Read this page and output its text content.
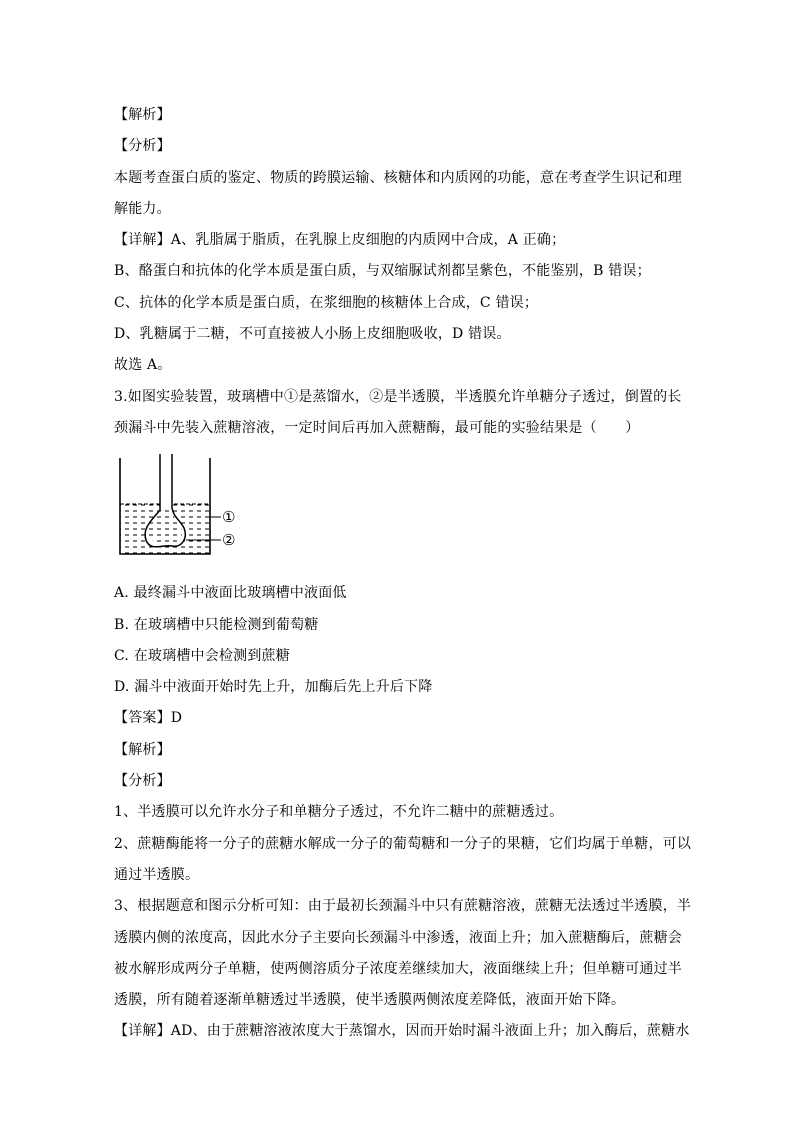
【解析】
【分析】
本题考查蛋白质的鉴定、物质的跨膜运输、核糖体和内质网的功能，意在考查学生识记和理
解能力。
【详解】A、乳脂属于脂质，在乳腺上皮细胞的内质网中合成，A 正确；
B、酪蛋白和抗体的化学本质是蛋白质，与双缩脲试剂都呈紫色，不能鉴别，B 错误；
C、抗体的化学本质是蛋白质，在浆细胞的核糖体上合成，C 错误；
D、乳糖属于二糖，不可直接被人小肠上皮细胞吸收，D 错误。
故选 A。
3.如图实验装置，玻璃槽中①是蒸馏水，②是半透膜，半透膜允许单糖分子透过，倒置的长
颈漏斗中先装入蔗糖溶液，一定时间后再加入蔗糖酶，最可能的实验结果是（　　）
①
②
A. 最终漏斗中液面比玻璃槽中液面低
B. 在玻璃槽中只能检测到葡萄糖
C. 在玻璃槽中会检测到蔗糖
D. 漏斗中液面开始时先上升，加酶后先上升后下降
【答案】D
【解析】
【分析】
1、半透膜可以允许水分子和单糖分子透过，不允许二糖中的蔗糖透过。
2、蔗糖酶能将一分子的蔗糖水解成一分子的葡萄糖和一分子的果糖，它们均属于单糖，可以
通过半透膜。
3、根据题意和图示分析可知：由于最初长颈漏斗中只有蔗糖溶液，蔗糖无法透过半透膜，半
透膜内侧的浓度高，因此水分子主要向长颈漏斗中渗透，液面上升；加入蔗糖酶后，蔗糖会
被水解形成两分子单糖，使两侧溶质分子浓度差继续加大，液面继续上升；但单糖可通过半
透膜，所有随着逐渐单糖透过半透膜，使半透膜两侧浓度差降低，液面开始下降。
【详解】AD、由于蔗糖溶液浓度大于蒸馏水，因而开始时漏斗液面上升；加入酶后，蔗糖水
